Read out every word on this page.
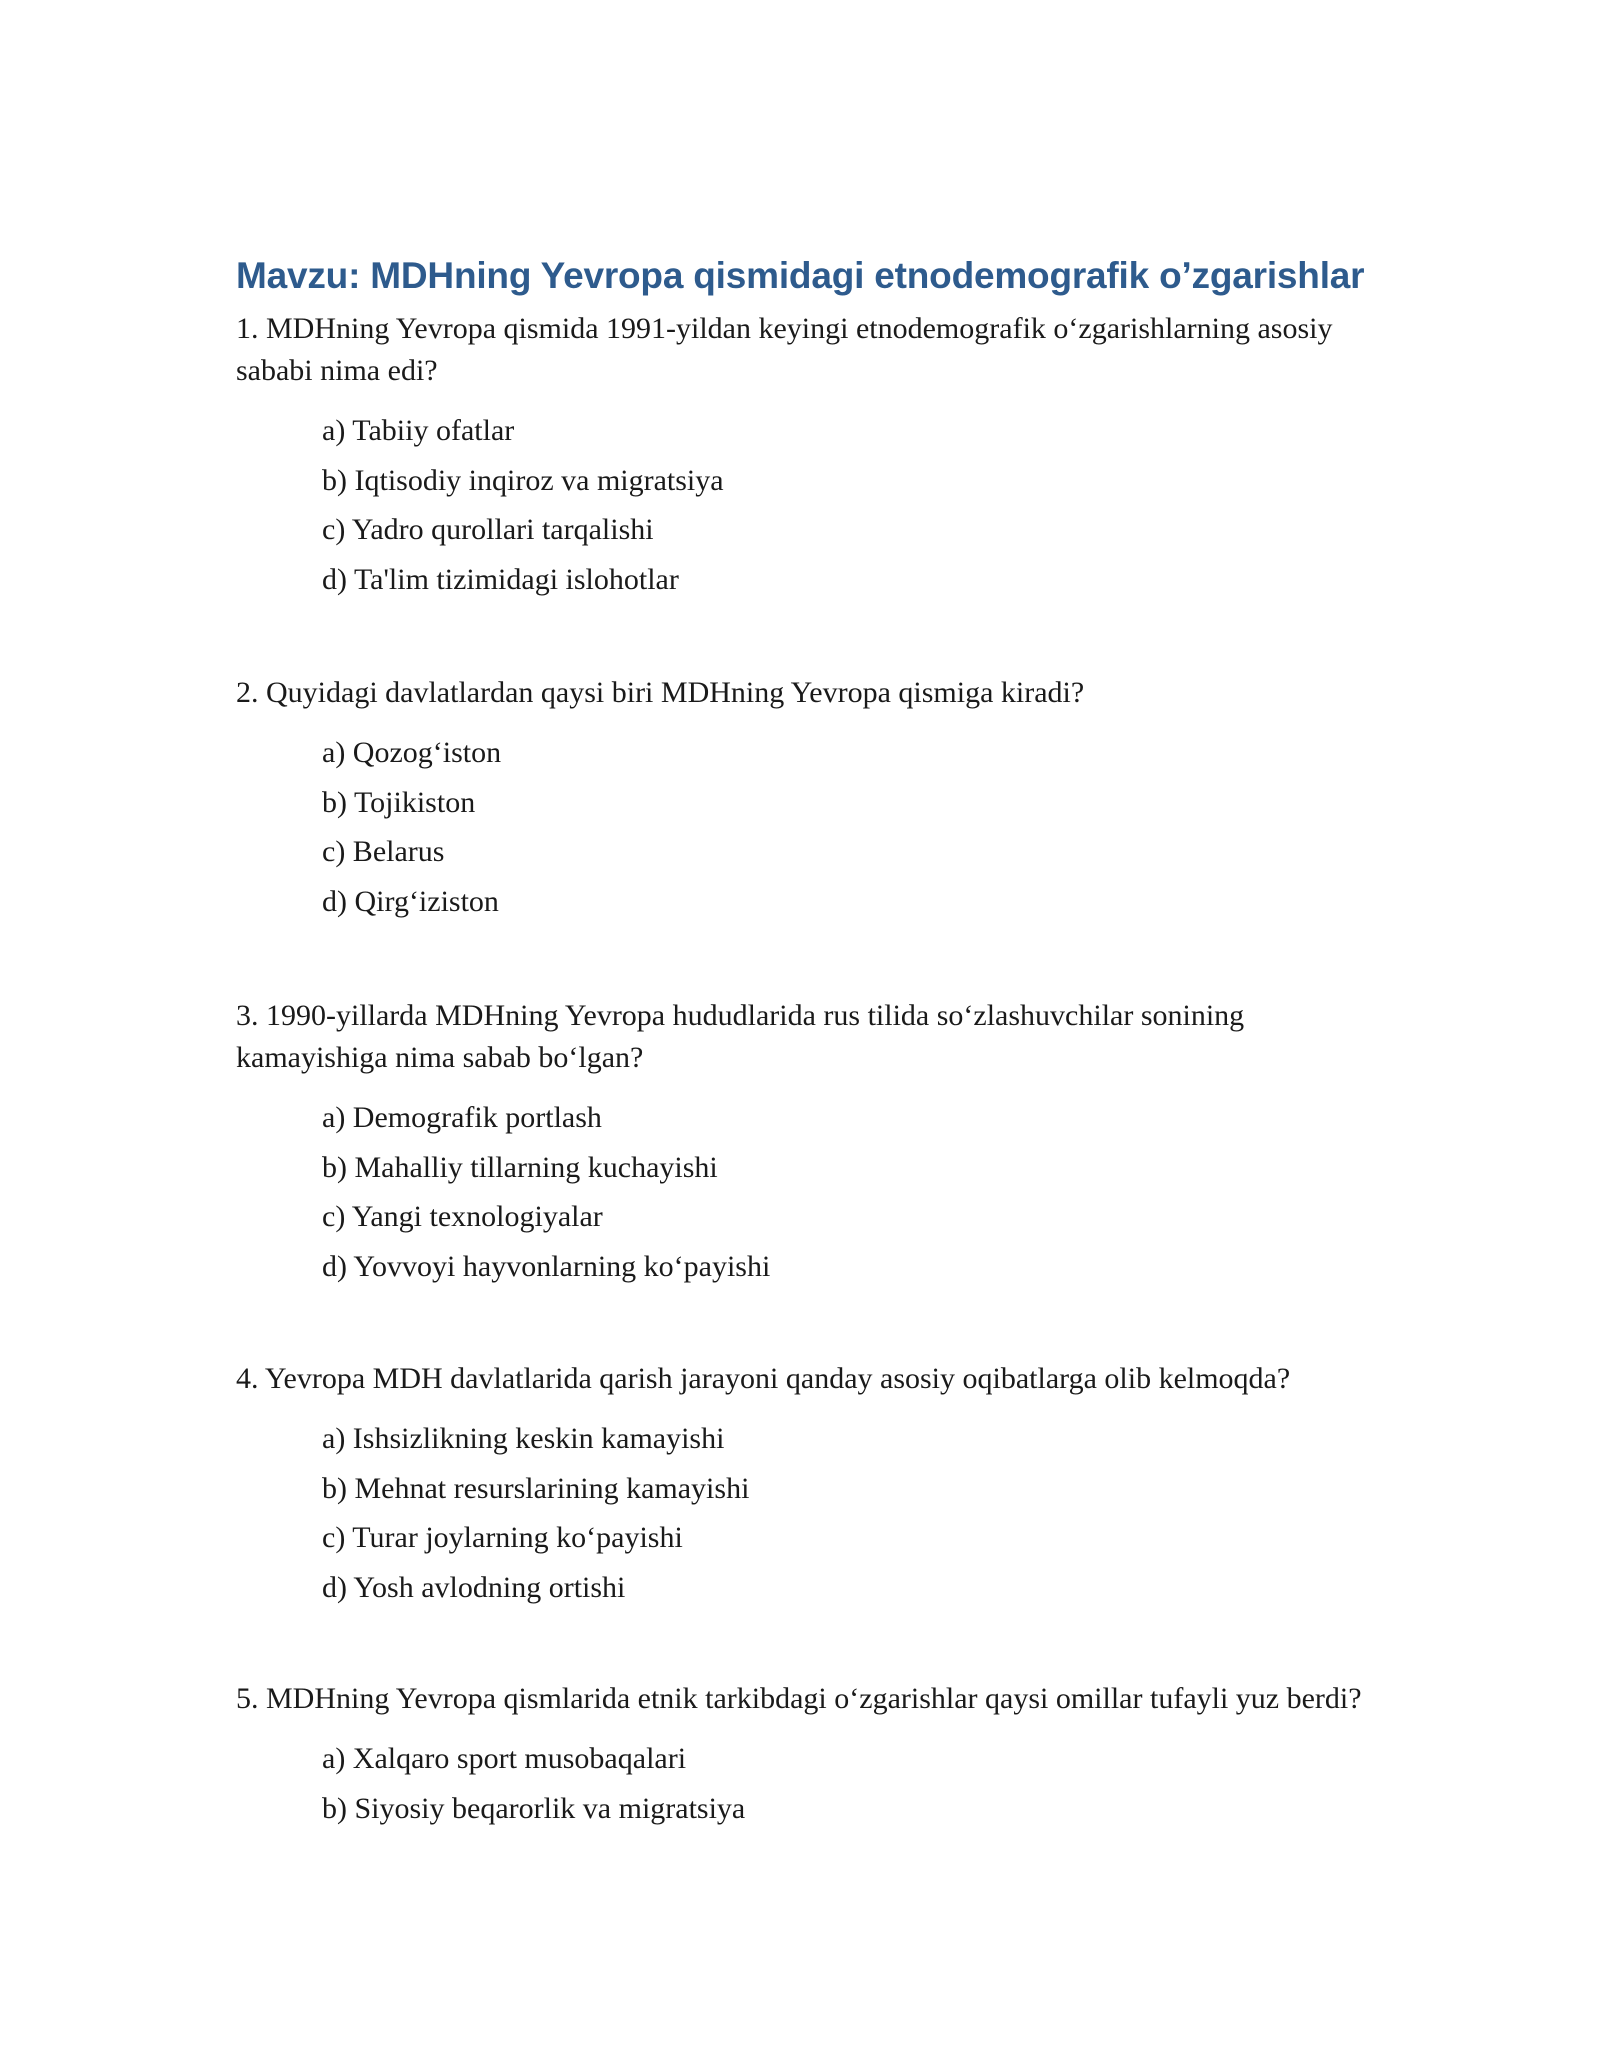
Mavzu: MDHning Yevropa qismidagi etnodemografik o’zgarishlar

1. MDHning Yevropa qismida 1991-yildan keyingi etnodemografik o‘zgarishlarning asosiy sababi nima edi?

a) Tabiiy ofatlar
b) Iqtisodiy inqiroz va migratsiya
c) Yadro qurollari tarqalishi
d) Ta'lim tizimidagi islohotlar

2. Quyidagi davlatlardan qaysi biri MDHning Yevropa qismiga kiradi?

a) Qozog‘iston
b) Tojikiston
c) Belarus
d) Qirg‘iziston

3. 1990-yillarda MDHning Yevropa hududlarida rus tilida so‘zlashuvchilar sonining kamayishiga nima sabab bo‘lgan?

a) Demografik portlash
b) Mahalliy tillarning kuchayishi
c) Yangi texnologiyalar
d) Yovvoyi hayvonlarning ko‘payishi

4. Yevropa MDH davlatlarida qarish jarayoni qanday asosiy oqibatlarga olib kelmoqda?

a) Ishsizlikning keskin kamayishi
b) Mehnat resurslarining kamayishi
c) Turar joylarning ko‘payishi
d) Yosh avlodning ortishi

5. MDHning Yevropa qismlarida etnik tarkibdagi o‘zgarishlar qaysi omillar tufayli yuz berdi?

a) Xalqaro sport musobaqalari
b) Siyosiy beqarorlik va migratsiya
